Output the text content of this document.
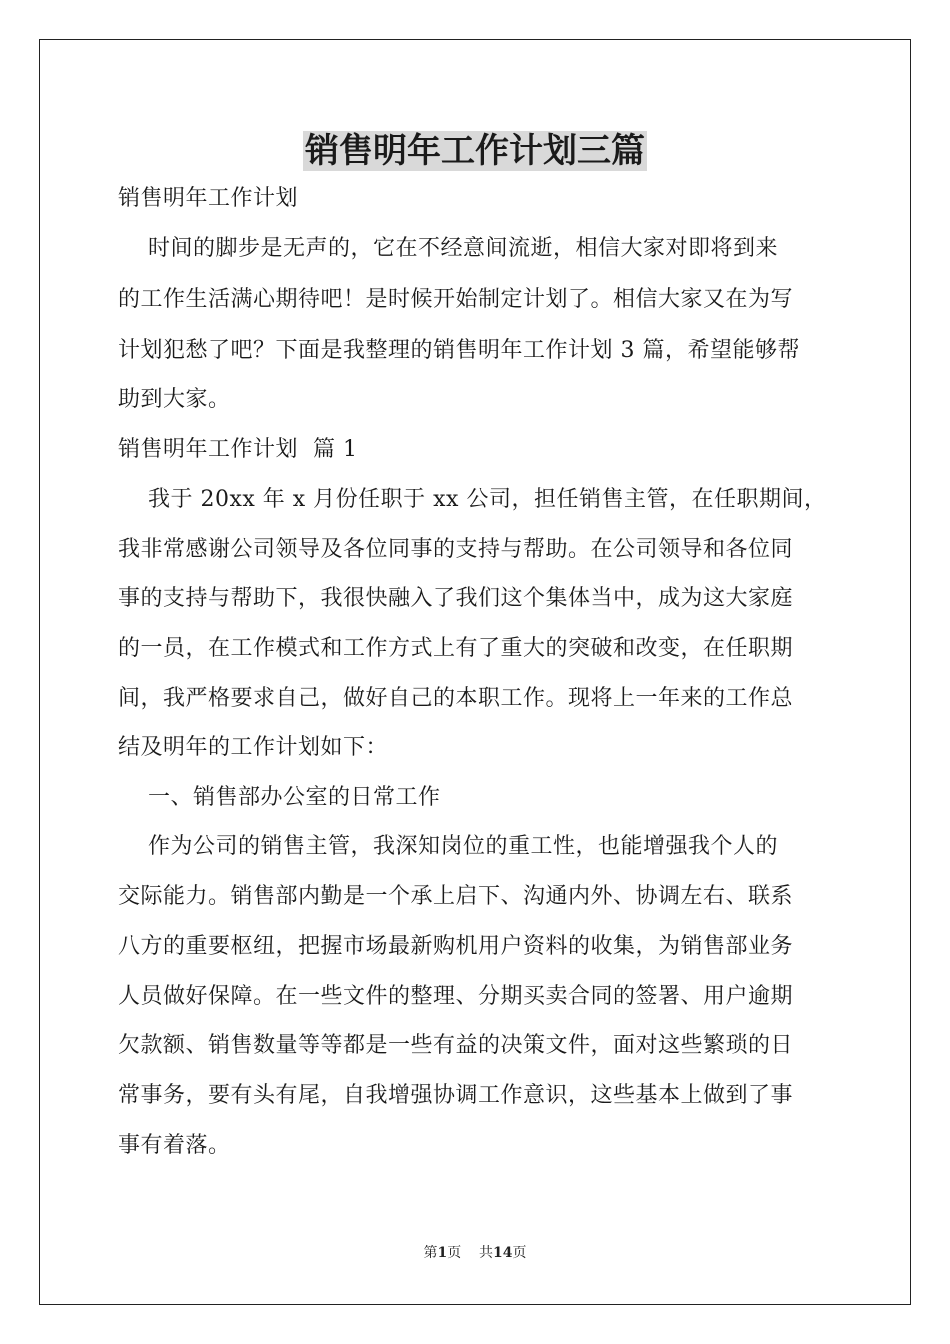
销售明年工作计划三篇
销售明年工作计划
时间的脚步是无声的，它在不经意间流逝，相信大家对即将到来
的工作生活满心期待吧！是时候开始制定计划了。相信大家又在为写
计划犯愁了吧？下面是我整理的销售明年工作计划 3 篇，希望能够帮
助到大家。
销售明年工作计划  篇 1
我于 20xx 年 x 月份任职于 xx 公司，担任销售主管，在任职期间，
我非常感谢公司领导及各位同事的支持与帮助。在公司领导和各位同
事的支持与帮助下，我很快融入了我们这个集体当中，成为这大家庭
的一员，在工作模式和工作方式上有了重大的突破和改变，在任职期
间，我严格要求自己，做好自己的本职工作。现将上一年来的工作总
结及明年的工作计划如下：
一、销售部办公室的日常工作
作为公司的销售主管，我深知岗位的重工性，也能增强我个人的
交际能力。销售部内勤是一个承上启下、沟通内外、协调左右、联系
八方的重要枢纽，把握市场最新购机用户资料的收集，为销售部业务
人员做好保障。在一些文件的整理、分期买卖合同的签署、用户逾期
欠款额、销售数量等等都是一些有益的决策文件，面对这些繁琐的日
常事务，要有头有尾，自我增强协调工作意识，这些基本上做到了事
事有着落。
第1页    共14页
